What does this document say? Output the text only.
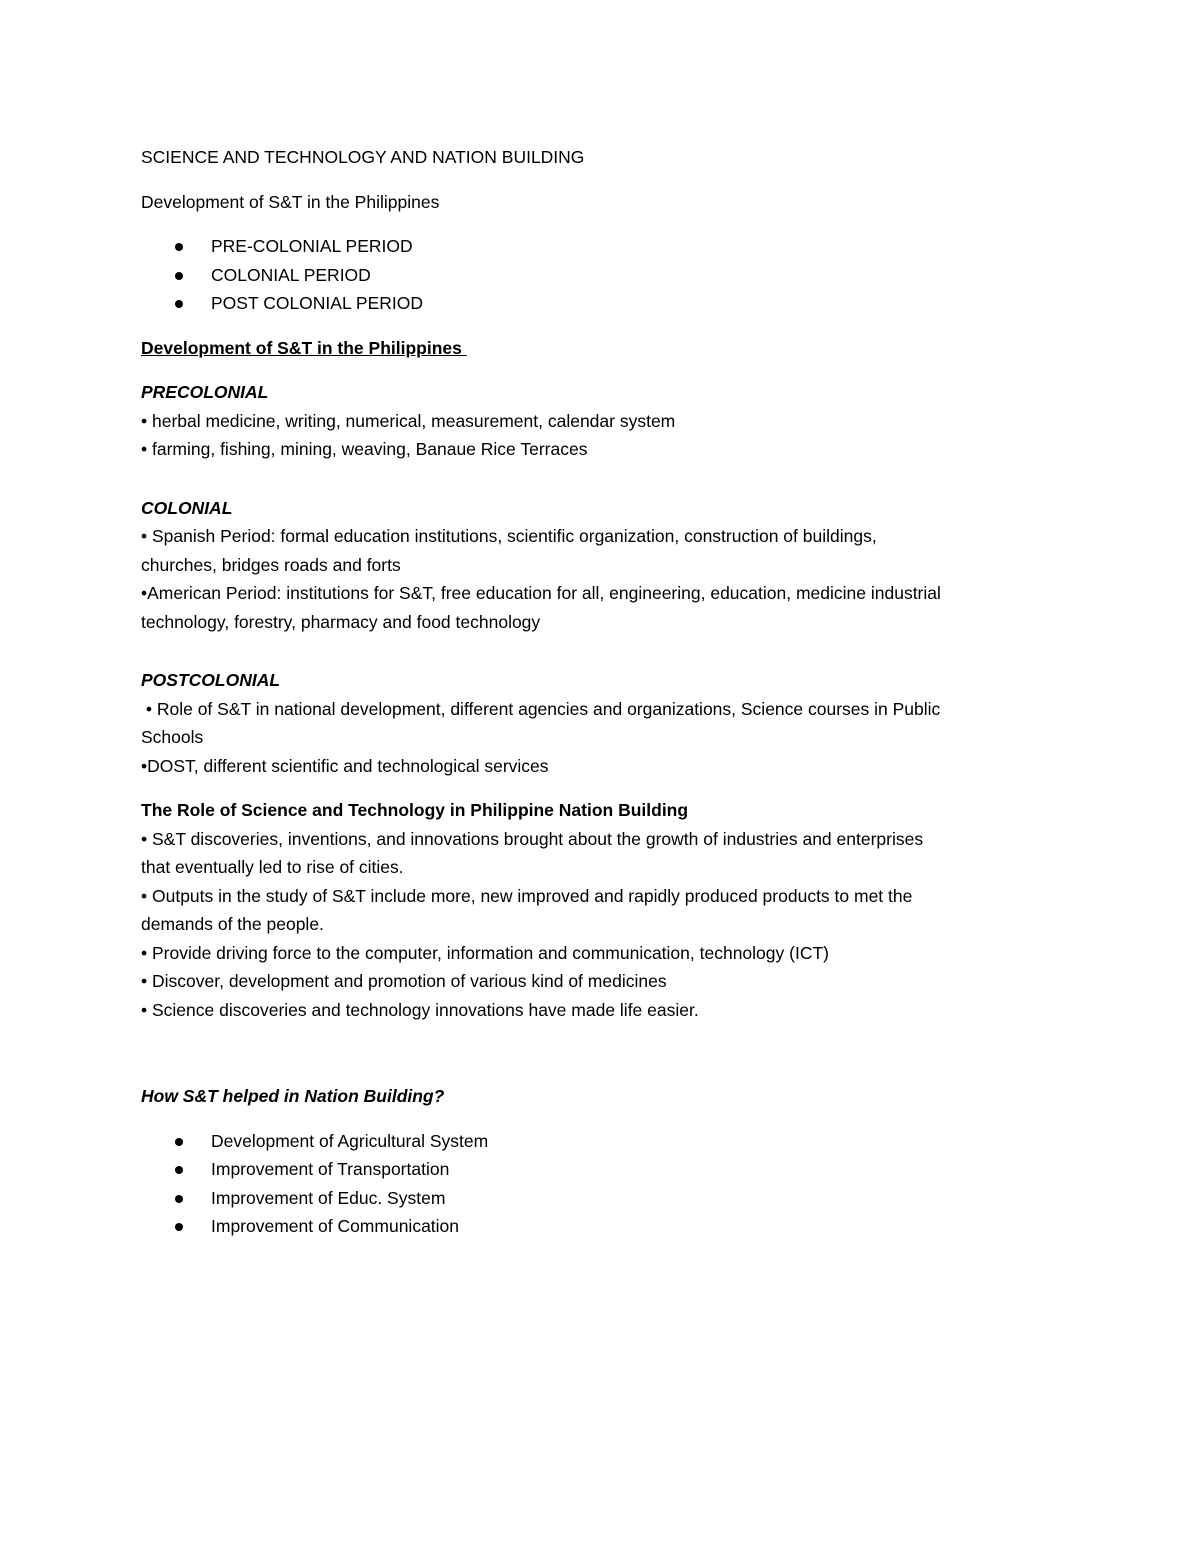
SCIENCE AND TECHNOLOGY AND NATION BUILDING

Development of S&T in the Philippines

PRE-COLONIAL PERIOD
COLONIAL PERIOD
POST COLONIAL PERIOD

Development of S&T in the Philippines

PRECOLONIAL

• herbal medicine, writing, numerical, measurement, calendar system

• farming, fishing, mining, weaving, Banaue Rice Terraces

COLONIAL

• Spanish Period: formal education institutions, scientific organization, construction of buildings,

churches, bridges roads and forts

•American Period: institutions for S&T, free education for all, engineering, education, medicine industrial

technology, forestry, pharmacy and food technology

POSTCOLONIAL

• Role of S&T in national development, different agencies and organizations, Science courses in Public

Schools

•DOST, different scientific and technological services

The Role of Science and Technology in Philippine Nation Building

• S&T discoveries, inventions, and innovations brought about the growth of industries and enterprises

that eventually led to rise of cities.

• Outputs in the study of S&T include more, new improved and rapidly produced products to met the

demands of the people.

• Provide driving force to the computer, information and communication, technology (ICT)

• Discover, development and promotion of various kind of medicines

• Science discoveries and technology innovations have made life easier.

How S&T helped in Nation Building?

Development of Agricultural System
Improvement of Transportation
Improvement of Educ. System
Improvement of Communication
